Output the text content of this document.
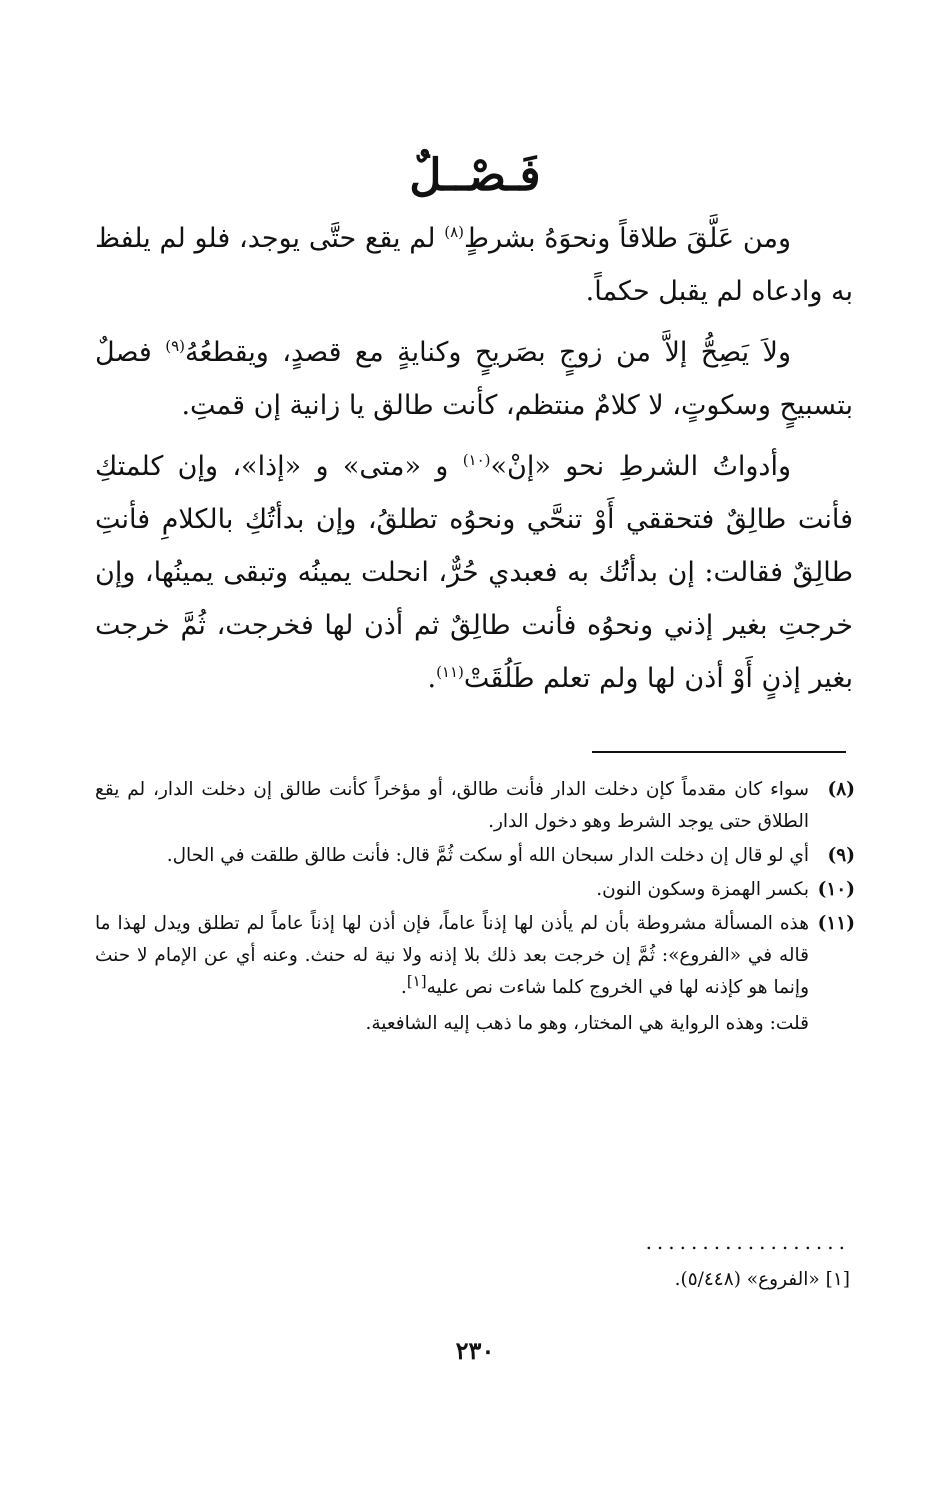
فَـصْــلٌ

ومن عَلَّقَ طلاقاً ونحوَهُ بشرطٍ$^{(٨)}$ لم يقع حتَّى يوجد، فلو لم يلفظ به وادعاه لم يقبل حكماً.

ولاَ يَصِحُّ إلاَّ من زوجٍ بصَريحٍ وكنايةٍ مع قصدٍ، ويقطعُهُ$^{(٩)}$ فصلٌ بتسبيحٍ وسكوتٍ، لا كلامٌ منتظم، كأنت طالق يا زانية إن قمتِ.

وأدواتُ الشرطِ نحو «إنْ»$^{(١٠)}$ و «متى» و «إذا»، وإن كلمتكِ فأنت طالِقٌ فتحققي أَوْ تنحَّي ونحوُه تطلقُ، وإن بدأتُكِ بالكلامِ فأنتِ طالِقٌ فقالت: إن بدأتُك به فعبدي حُرٌّ، انحلت يمينُه وتبقى يمينُها، وإن خرجتِ بغير إذني ونحوُه فأنت طالِقٌ ثم أذن لها فخرجت، ثُمَّ خرجت بغير إذنٍ أَوْ أذن لها ولم تعلم طَلُقَتْ$^{(١١)}$.

(٨)
سواء كان مقدماً كإن دخلت الدار فأنت طالق، أو مؤخراً كأنت طالق إن دخلت الدار، لم يقع الطلاق حتى يوجد الشرط وهو دخول الدار.
(٩)
أي لو قال إن دخلت الدار سبحان الله أو سكت ثُمَّ قال: فأنت طالق طلقت في الحال.
(١٠)
بكسر الهمزة وسكون النون.
(١١)

هذه المسألة مشروطة بأن لم يأذن لها إذناً عاماً، فإن أذن لها إذناً عاماً لم تطلق ويدل لهذا ما قاله في «الفروع»: ثُمَّ إن خرجت بعد ذلك بلا إذنه ولا نية له حنث. وعنه أي عن الإمام لا حنث وإنما هو كإذنه لها في الخروج كلما شاءت نص عليه[١].

قلت: وهذه الرواية هي المختار، وهو ما ذهب إليه الشافعية.

..................
[١] «الفروع» (٥/٤٤٨).
٢٣٠
